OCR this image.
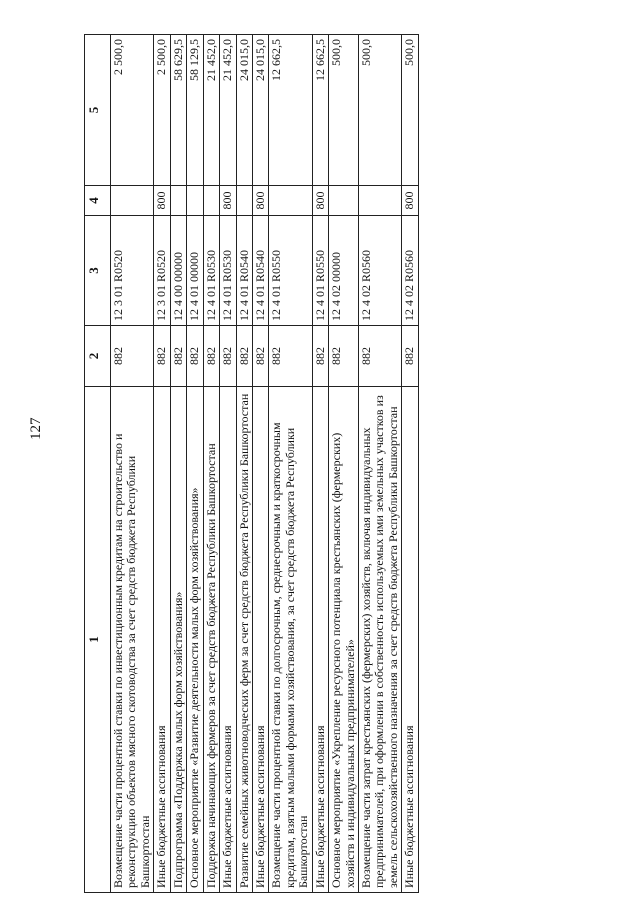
127
1	2	3	4	5
Возмещение части процентной ставки по инвестиционным кредитам на строительство и реконструкцию объектов мясного скотоводства за счет средств бюджета Республики Башкортостан	882	12 3 01 R0520		2 500,0
Иные бюджетные ассигнования	882	12 3 01 R0520	800	2 500,0
Подпрограмма «Поддержка малых форм хозяйствования»	882	12 4 00 00000		58 629,5
Основное мероприятие «Развитие деятельности малых форм хозяйствования»	882	12 4 01 00000		58 129,5
Поддержка начинающих фермеров за счет средств бюджета Республики Башкортостан	882	12 4 01 R0530		21 452,0
Иные бюджетные ассигнования	882	12 4 01 R0530	800	21 452,0
Развитие семейных животноводческих ферм за счет средств бюджета Республики Башкортостан	882	12 4 01 R0540		24 015,0
Иные бюджетные ассигнования	882	12 4 01 R0540	800	24 015,0
Возмещение части процентной ставки по долгосрочным, среднесрочным и краткосрочным кредитам, взятым малыми формами хозяйствования, за счет средств бюджета Республики Башкортостан	882	12 4 01 R0550		12 662,5
Иные бюджетные ассигнования	882	12 4 01 R0550	800	12 662,5
Основное мероприятие «Укрепление ресурсного потенциала крестьянских (фермерских) хозяйств и индивидуальных предпринимателей»	882	12 4 02 00000		500,0
Возмещение части затрат крестьянских (фермерских) хозяйств, включая индивидуальных предпринимателей, при оформлении в собственность используемых ими земельных участков из земель сельскохозяйственного назначения за счет средств бюджета Республики Башкортостан	882	12 4 02 R0560		500,0
Иные бюджетные ассигнования	882	12 4 02 R0560	800	500,0
